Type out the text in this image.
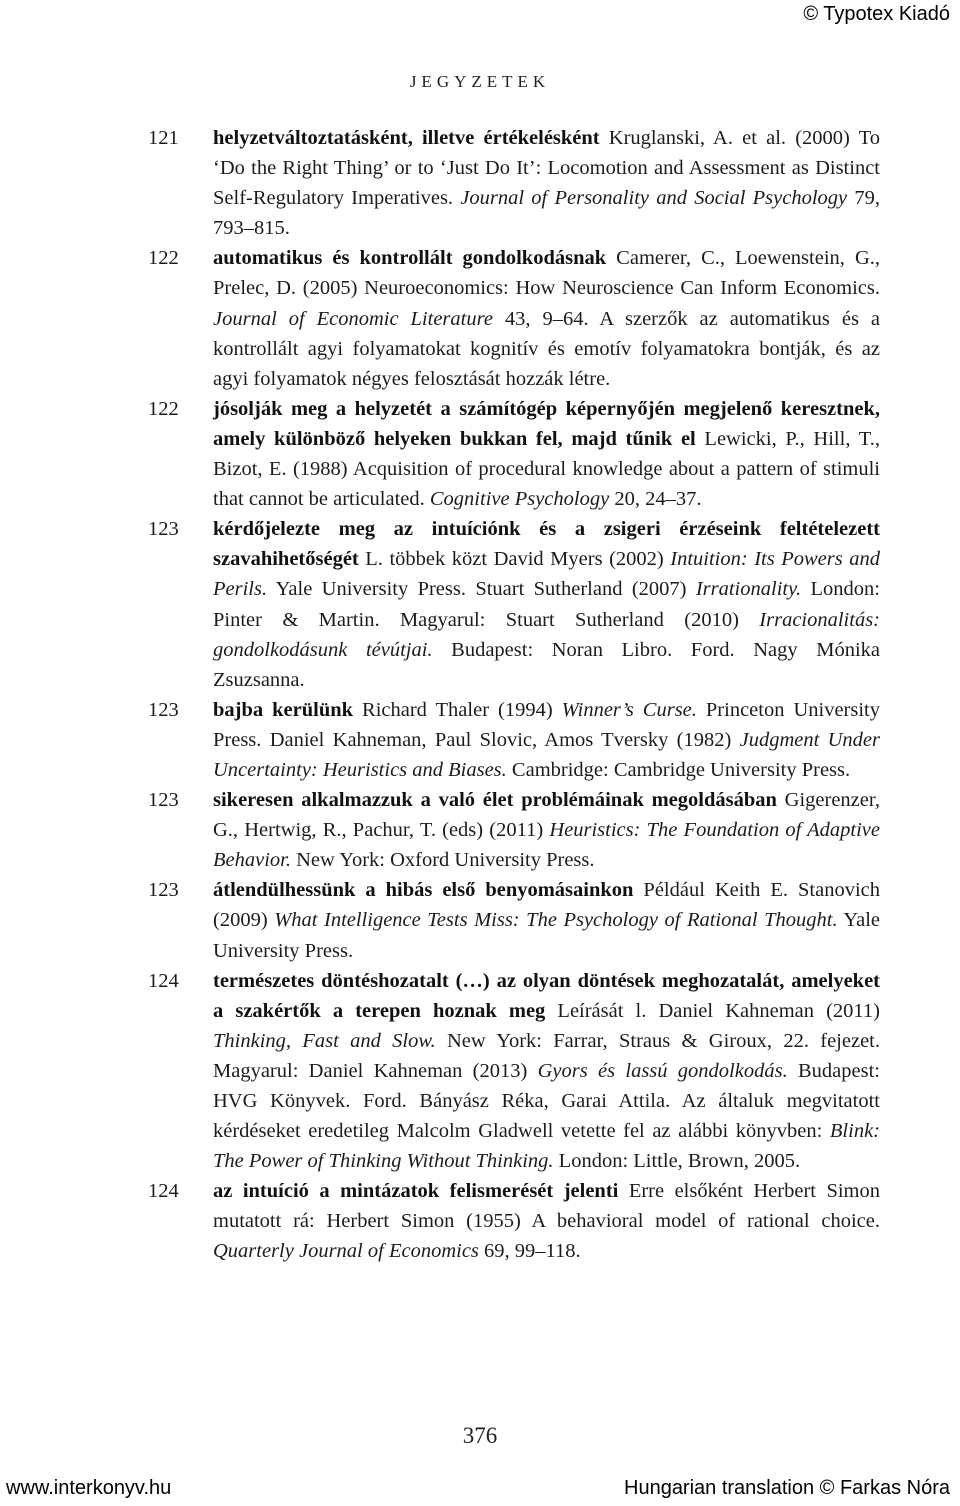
© Typotex Kiadó
JEGYZETEK
121 helyzetváltoztatásként, illetve értékelésként Kruglanski, A. et al. (2000) To ‘Do the Right Thing’ or to ‘Just Do It’: Locomotion and Assessment as Distinct Self-Regulatory Imperatives. Journal of Personality and Social Psychology 79, 793–815.
122 automatikus és kontrollált gondolkodásnak Camerer, C., Loewenstein, G., Prelec, D. (2005) Neuroeconomics: How Neuroscience Can Inform Economics. Journal of Economic Literature 43, 9–64. A szerzők az automatikus és a kontrollált agyi folyamatokat kognitív és emotív folyamatokra bontják, és az agyi folyamatok négyes felosztását hozzák létre.
122 jósolják meg a helyzetét a számítógép képernyőjén megjelenő keresztnek, amely különböző helyeken bukkan fel, majd tűnik el Lewicki, P., Hill, T., Bizot, E. (1988) Acquisition of procedural knowledge about a pattern of stimuli that cannot be articulated. Cognitive Psychology 20, 24–37.
123 kérdőjelezte meg az intuíciónk és a zsigeri érzéseink feltételezett szavahihetőségét L. többek közt David Myers (2002) Intuition: Its Powers and Perils. Yale University Press. Stuart Sutherland (2007) Irrationality. London: Pinter & Martin. Magyarul: Stuart Sutherland (2010) Irracionalitás: gondolkodásunk tévútjai. Budapest: Noran Libro. Ford. Nagy Mónika Zsuzsanna.
123 bajba kerülünk Richard Thaler (1994) Winner’s Curse. Princeton University Press. Daniel Kahneman, Paul Slovic, Amos Tversky (1982) Judgment Under Uncertainty: Heuristics and Biases. Cambridge: Cambridge University Press.
123 sikeresen alkalmazzuk a való élet problémáinak megoldásában Gigerenzer, G., Hertwig, R., Pachur, T. (eds) (2011) Heuristics: The Foundation of Adaptive Behavior. New York: Oxford University Press.
123 átlendülhessünk a hibás első benyomásainkon Például Keith E. Stanovich (2009) What Intelligence Tests Miss: The Psychology of Rational Thought. Yale University Press.
124 természetes döntéshozatalt (…) az olyan döntések meghozatalát, amelyeket a szakértők a terepen hoznak meg Leírását l. Daniel Kahneman (2011) Thinking, Fast and Slow. New York: Farrar, Straus & Giroux, 22. fejezet. Magyarul: Daniel Kahneman (2013) Gyors és lassú gondolkodás. Budapest: HVG Könyvek. Ford. Bányász Réka, Garai Attila. Az általuk megvitatott kérdéseket eredetileg Malcolm Gladwell vetette fel az alábbi könyvben: Blink: The Power of Thinking Without Thinking. London: Little, Brown, 2005.
124 az intuíció a mintázatok felismerését jelenti Erre elsőként Herbert Simon mutatott rá: Herbert Simon (1955) A behavioral model of rational choice. Quarterly Journal of Economics 69, 99–118.
376
www.interkonyv.hu	Hungarian translation © Farkas Nóra
